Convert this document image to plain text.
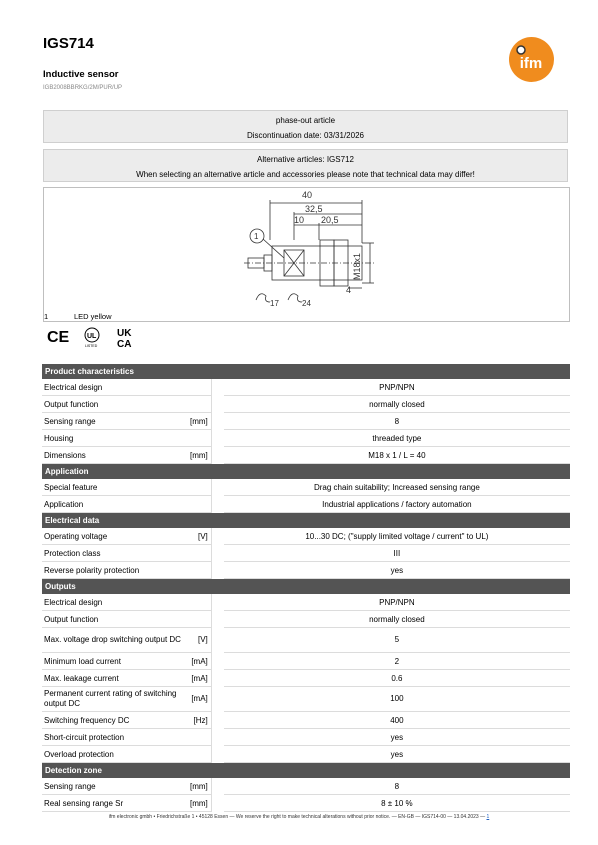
IGS714
Inductive sensor
IGB2008BBRKG/2M/PUR/UP
ifm
phase-out article
Discontinuation date: 03/31/2026
Alternative articles: IGS712
When selecting an alternative article and accessories please note that technical data may differ!
40
32,5
10 20,5
M18x1
4
17	24
1
1	LED yellow
CE	UL
LISTED
UK
CA
Product characteristics			
Electrical design			PNP/NPN
Output function			normally closed
Sensing range	[mm]		8
Housing			threaded type
Dimensions	[mm]		M18 x 1 / L = 40
Application			
Special feature			Drag chain suitability; Increased sensing range
Application			Industrial applications / factory automation
Electrical data			
Operating voltage	[V]		10...30 DC; ("supply limited voltage / current" to UL)
Protection class			III
Reverse polarity protection			yes
Outputs			
Electrical design			PNP/NPN
Output function			normally closed
Max. voltage drop switching output DC	[V]		5
Minimum load current	[mA]		2
Max. leakage current	[mA]		0.6
Permanent current rating of switching output DC	[mA]		100
Switching frequency DC	[Hz]		400
Short-circuit protection			yes
Overload protection			yes
Detection zone			
Sensing range	[mm]		8
Real sensing range Sr	[mm]		8 ± 10 %
ifm electronic gmbh • Friedrichstraße 1 • 45128 Essen — We reserve the right to make technical alterations without prior notice. — EN-GB — IGS714-00 — 13.04.2023 — 1
